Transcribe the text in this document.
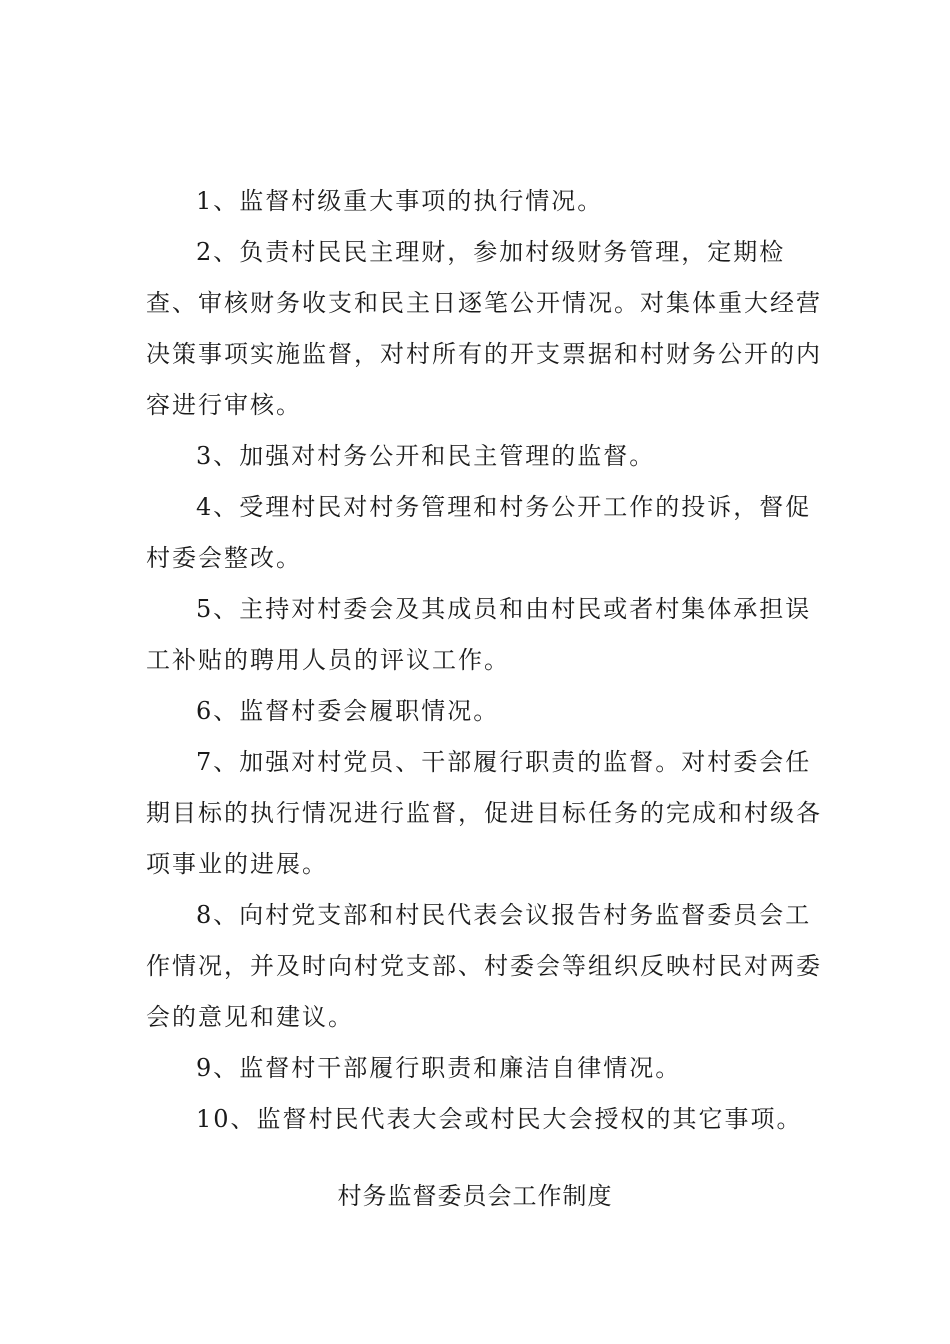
1、监督村级重大事项的执行情况。

2、负责村民民主理财，参加村级财务管理，定期检查、审核财务收支和民主日逐笔公开情况。对集体重大经营决策事项实施监督，对村所有的开支票据和村财务公开的内容进行审核。

3、加强对村务公开和民主管理的监督。

4、受理村民对村务管理和村务公开工作的投诉，督促村委会整改。

5、主持对村委会及其成员和由村民或者村集体承担误工补贴的聘用人员的评议工作。

6、监督村委会履职情况。

7、加强对村党员、干部履行职责的监督。对村委会任期目标的执行情况进行监督，促进目标任务的完成和村级各项事业的进展。

8、向村党支部和村民代表会议报告村务监督委员会工作情况，并及时向村党支部、村委会等组织反映村民对两委会的意见和建议。

9、监督村干部履行职责和廉洁自律情况。

10、监督村民代表大会或村民大会授权的其它事项。

村务监督委员会工作制度
